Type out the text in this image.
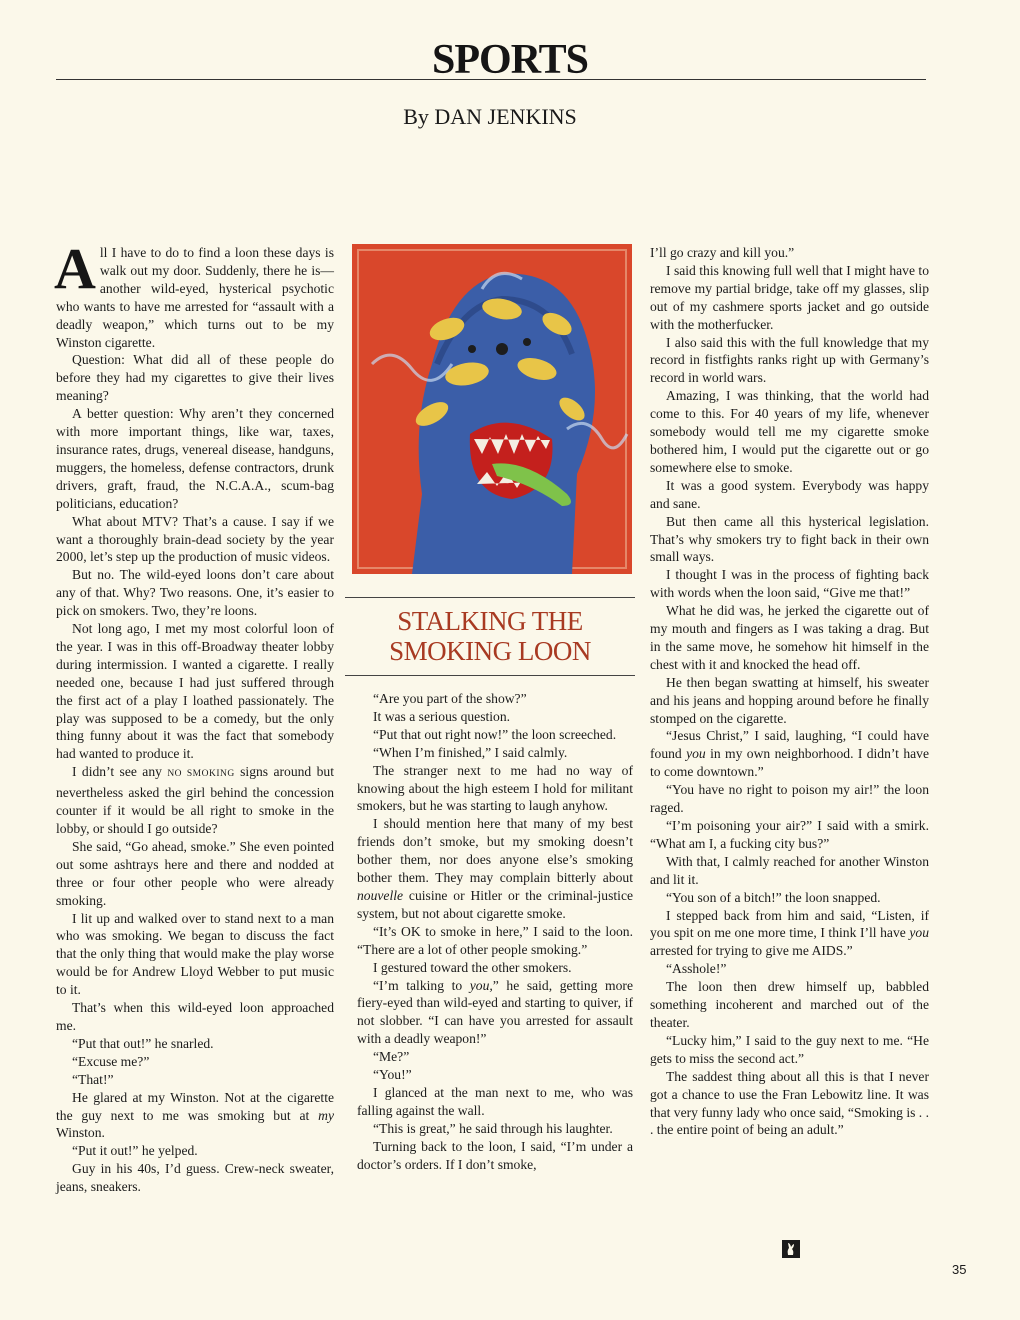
SPORTS
By DAN JENKINS

All I have to do to find a loon these days is walk out my door. Suddenly, there he is—another wild-eyed, hysterical psychotic who wants to have me arrested for “assault with a deadly weapon,” which turns out to be my Winston cigarette.

Question: What did all of these people do before they had my cigarettes to give their lives meaning?

A better question: Why aren’t they concerned with more important things, like war, taxes, insurance rates, drugs, venereal disease, handguns, muggers, the homeless, defense contractors, drunk drivers, graft, fraud, the N.C.A.A., scum-bag politicians, education?

What about MTV? That’s a cause. I say if we want a thoroughly brain-dead society by the year 2000, let’s step up the production of music videos.

But no. The wild-eyed loons don’t care about any of that. Why? Two reasons. One, it’s easier to pick on smokers. Two, they’re loons.

Not long ago, I met my most colorful loon of the year. I was in this off-Broadway theater lobby during intermission. I wanted a cigarette. I really needed one, because I had just suffered through the first act of a play I loathed passionately. The play was supposed to be a comedy, but the only thing funny about it was the fact that somebody had wanted to produce it.

I didn’t see any NO SMOKING signs around but nevertheless asked the girl behind the concession counter if it would be all right to smoke in the lobby, or should I go outside?

She said, “Go ahead, smoke.” She even pointed out some ashtrays here and there and nodded at three or four other people who were already smoking.

I lit up and walked over to stand next to a man who was smoking. We began to discuss the fact that the only thing that would make the play worse would be for Andrew Lloyd Webber to put music to it.

That’s when this wild-eyed loon approached me.

“Put that out!” he snarled.

“Excuse me?”

“That!”

He glared at my Winston. Not at the cigarette the guy next to me was smoking but at my Winston.

“Put it out!” he yelped.

Guy in his 40s, I’d guess. Crew-neck sweater, jeans, sneakers.

STALKING THE
SMOKING LOON

“Are you part of the show?”

It was a serious question.

“Put that out right now!” the loon screeched.

“When I’m finished,” I said calmly.

The stranger next to me had no way of knowing about the high esteem I hold for militant smokers, but he was starting to laugh anyhow.

I should mention here that many of my best friends don’t smoke, but my smoking doesn’t bother them, nor does anyone else’s smoking bother them. They may complain bitterly about nouvelle cuisine or Hitler or the criminal-justice system, but not about cigarette smoke.

“It’s OK to smoke in here,” I said to the loon. “There are a lot of other people smoking.”

I gestured toward the other smokers.

“I’m talking to you,” he said, getting more fiery-eyed than wild-eyed and starting to quiver, if not slobber. “I can have you arrested for assault with a deadly weapon!”

“Me?”

“You!”

I glanced at the man next to me, who was falling against the wall.

“This is great,” he said through his laughter.

Turning back to the loon, I said, “I’m under a doctor’s orders. If I don’t smoke,

I’ll go crazy and kill you.”

I said this knowing full well that I might have to remove my partial bridge, take off my glasses, slip out of my cashmere sports jacket and go outside with the motherfucker.

I also said this with the full knowledge that my record in fistfights ranks right up with Germany’s record in world wars.

Amazing, I was thinking, that the world had come to this. For 40 years of my life, whenever somebody would tell me my cigarette smoke bothered him, I would put the cigarette out or go somewhere else to smoke.

It was a good system. Everybody was happy and sane.

But then came all this hysterical legislation. That’s why smokers try to fight back in their own small ways.

I thought I was in the process of fighting back with words when the loon said, “Give me that!”

What he did was, he jerked the cigarette out of my mouth and fingers as I was taking a drag. But in the same move, he somehow hit himself in the chest with it and knocked the head off.

He then began swatting at himself, his sweater and his jeans and hopping around before he finally stomped on the cigarette.

“Jesus Christ,” I said, laughing, “I could have found you in my own neighborhood. I didn’t have to come downtown.”

“You have no right to poison my air!” the loon raged.

“I’m poisoning your air?” I said with a smirk. “What am I, a fucking city bus?”

With that, I calmly reached for another Winston and lit it.

“You son of a bitch!” the loon snapped.

I stepped back from him and said, “Listen, if you spit on me one more time, I think I’ll have you arrested for trying to give me AIDS.”

“Asshole!”

The loon then drew himself up, babbled something incoherent and marched out of the theater.

“Lucky him,” I said to the guy next to me. “He gets to miss the second act.”

The saddest thing about all this is that I never got a chance to use the Fran Lebowitz line. It was that very funny lady who once said, “Smoking is . . . the entire point of being an adult.”

35
